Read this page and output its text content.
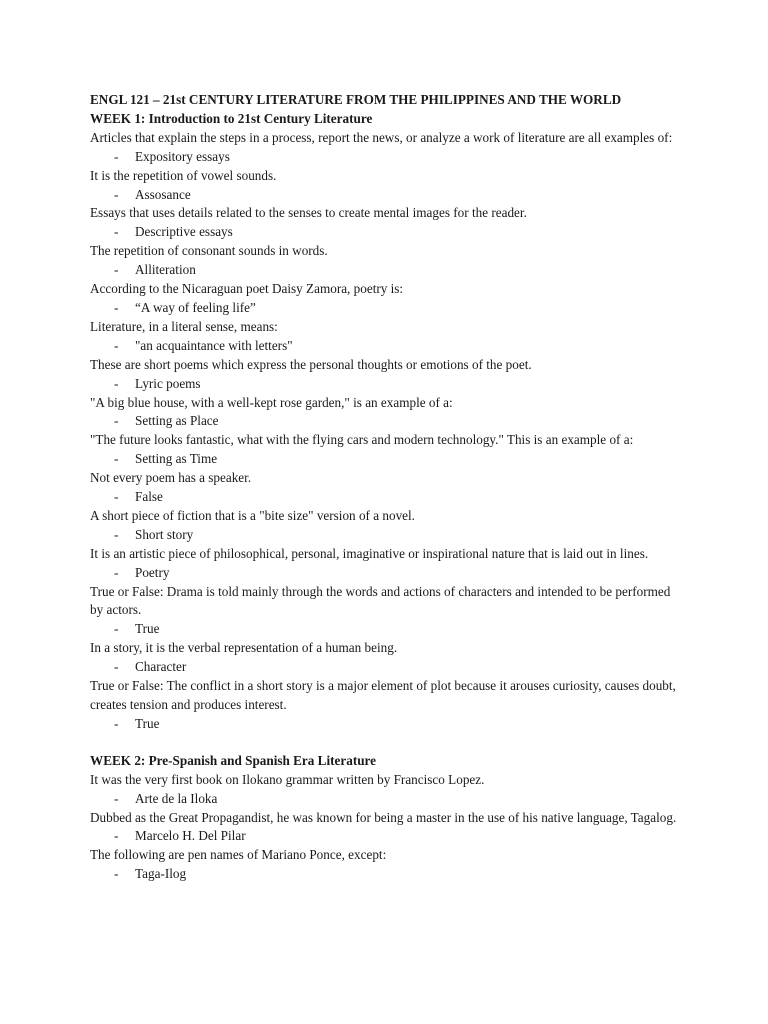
ENGL 121 – 21st CENTURY LITERATURE FROM THE PHILIPPINES AND THE WORLD

WEEK 1: Introduction to 21st Century Literature

Articles that explain the steps in a process, report the news, or analyze a work of literature are all examples of:

-	Expository essays

It is the repetition of vowel sounds.

-	Assosance

Essays that uses details related to the senses to create mental images for the reader.

-	Descriptive essays

The repetition of consonant sounds in words.

-	Alliteration

According to the Nicaraguan poet Daisy Zamora, poetry is:

-	“A way of feeling life”

Literature, in a literal sense, means:

-	"an acquaintance with letters"

These are short poems which express the personal thoughts or emotions of the poet.

-	Lyric poems

"A big blue house, with a well-kept rose garden," is an example of a:

-	Setting as Place

"The future looks fantastic, what with the flying cars and modern technology." This is an example of a:

-	Setting as Time

Not every poem has a speaker.

-	False

A short piece of fiction that is a "bite size" version of a novel.

-	Short story

It is an artistic piece of philosophical, personal, imaginative or inspirational nature that is laid out in lines.

-	Poetry

True or False: Drama is told mainly through the words and actions of characters and intended to be performed by actors.

-	True

In a story, it is the verbal representation of a human being.

-	Character

True or False: The conflict in a short story is a major element of plot because it arouses curiosity, causes doubt, creates tension and produces interest.

-	True

WEEK 2: Pre-Spanish and Spanish Era Literature

It was the very first book on Ilokano grammar written by Francisco Lopez.

-	Arte de la Iloka

Dubbed as the Great Propagandist, he was known for being a master in the use of his native language, Tagalog.

-	Marcelo H. Del Pilar

The following are pen names of Mariano Ponce, except:

-	Taga-Ilog
